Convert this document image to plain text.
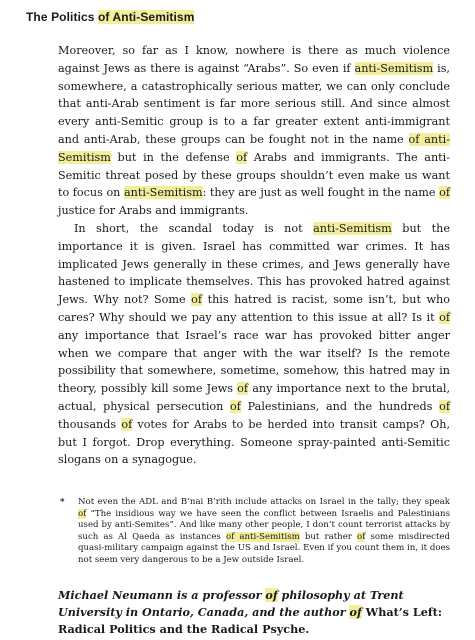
The Politics of Anti-Semitism

Moreover, so far as I know, nowhere is there as much violence against Jews as there is against “Arabs”. So even if anti-Semitism is, somewhere, a catastrophically serious matter, we can only conclude that anti-Arab sentiment is far more serious still. And since almost every anti-Semitic group is to a far greater extent anti-immigrant and anti-Arab, these groups can be fought not in the name of anti-Semitism but in the defense of Arabs and immigrants. The anti-Semitic threat posed by these groups shouldn’t even make us want to focus on anti-Semitism: they are just as well fought in the name of justice for Arabs and immigrants.

In short, the scandal today is not anti-Semitism but the importance it is given. Israel has committed war crimes. It has implicated Jews generally in these crimes, and Jews generally have hastened to implicate themselves. This has provoked hatred against Jews. Why not? Some of this hatred is racist, some isn’t, but who cares? Why should we pay any attention to this issue at all? Is it of any importance that Israel’s race war has provoked bitter anger when we compare that anger with the war itself? Is the remote possibility that somewhere, sometime, somehow, this hatred may in theory, possibly kill some Jews of any importance next to the brutal, actual, physical persecution of Palestinians, and the hundreds of thousands of votes for Arabs to be herded into transit camps? Oh, but I forgot. Drop everything. Someone spray-painted anti-Semitic slogans on a synagogue.

*	Not even the ADL and B’nai B’rith include attacks on Israel in the tally; they speak of “The insidious way we have seen the conflict between Israelis and Palestinians used by anti-Semites”. And like many other people, I don’t count terrorist attacks by such as Al Qaeda as instances of anti-Semitism but rather of some misdirected quasi-military campaign against the US and Israel. Even if you count them in, it does not seem very dangerous to be a Jew outside Israel.
Michael Neumann is a professor of philosophy at Trent University in Ontario, Canada, and the author of What’s Left: Radical Politics and the Radical Psyche.
